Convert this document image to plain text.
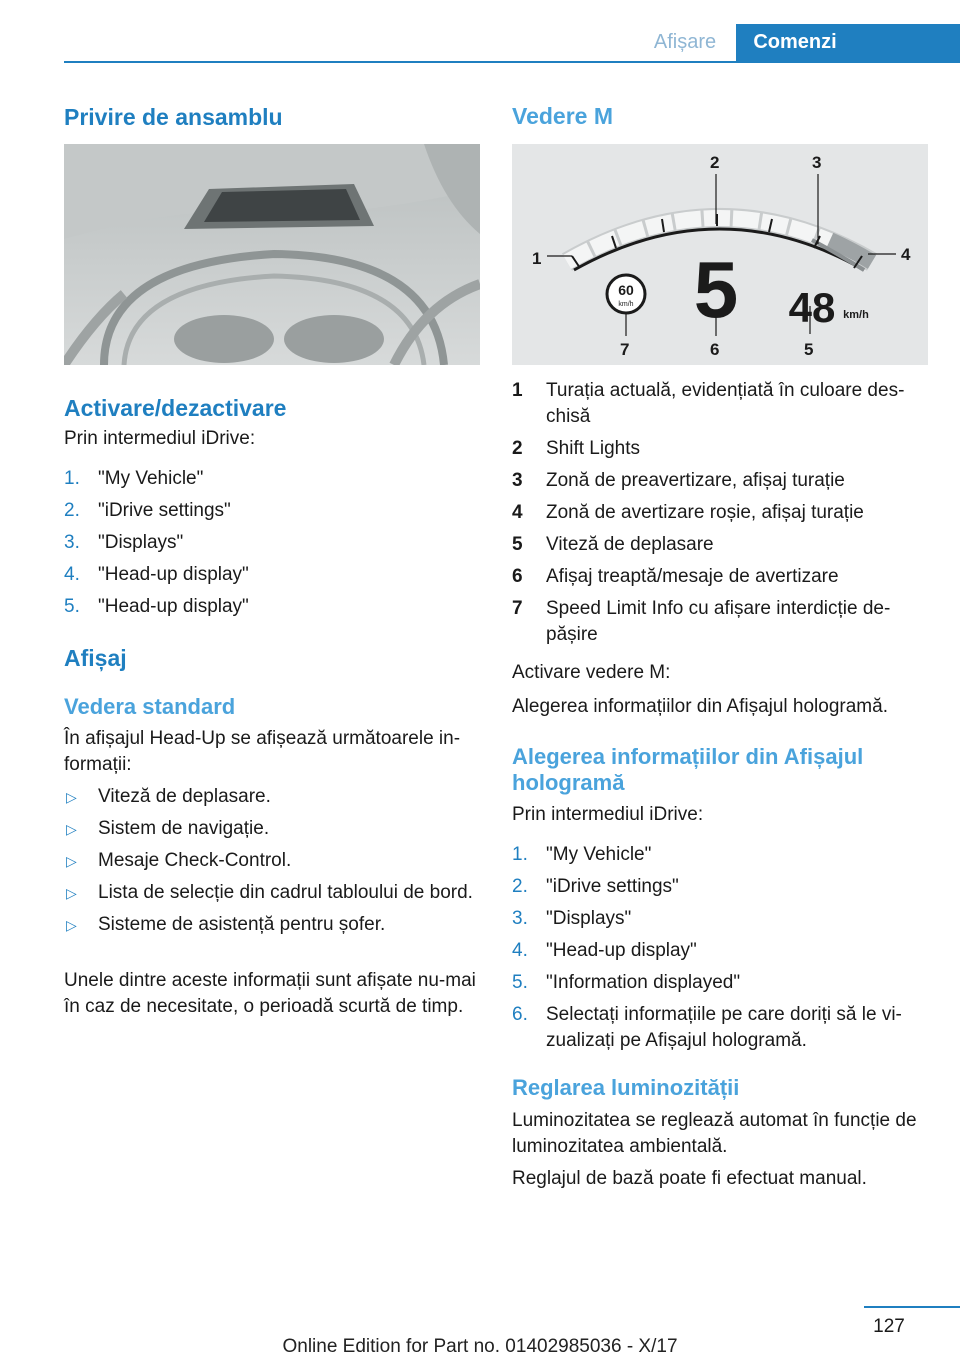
Afișare	Comenzi
Privire de ansamblu
Activare/dezactivare

Prin intermediul iDrive:

1. "My Vehicle"
2. "iDrive settings"
3. "Displays"
4. "Head-up display"
5. "Head-up display"
Afișaj
Vedera standard

În afișajul Head-Up se afișează următoarele in-formații:

▷ Viteză de deplasare.
▷ Sistem de navigație.
▷ Mesaje Check-Control.
▷ Lista de selecție din cadrul tabloului de bord.
▷ Sisteme de asistență pentru șofer.

Unele dintre aceste informații sunt afișate nu-mai în caz de necesitate, o perioadă scurtă de timp.

Vedere M
60
km/h 5 48 km/h
1
2	3
4
5
6
7
1 Turația actuală, evidențiată în culoare des-chisă
2 Shift Lights
3 Zonă de preavertizare, afișaj turație
4 Zonă de avertizare roșie, afișaj turație
5 Viteză de deplasare
6 Afișaj treaptă/mesaje de avertizare
7 Speed Limit Info cu afișare interdicție de-pășire

Activare vedere M:

Alegerea informațiilor din Afișajul hologramă.

Alegerea informațiilor din Afișajul hologramă

Prin intermediul iDrive:

1. "My Vehicle"
2. "iDrive settings"
3. "Displays"
4. "Head-up display"
5. "Information displayed"
6. Selectați informațiile pe care doriți să le vi-zualizați pe Afișajul hologramă.
Reglarea luminozității

Luminozitatea se reglează automat în funcție de luminozitatea ambientală.

Reglajul de bază poate fi efectuat manual.

127
Online Edition for Part no. 01402985036 - X/17
